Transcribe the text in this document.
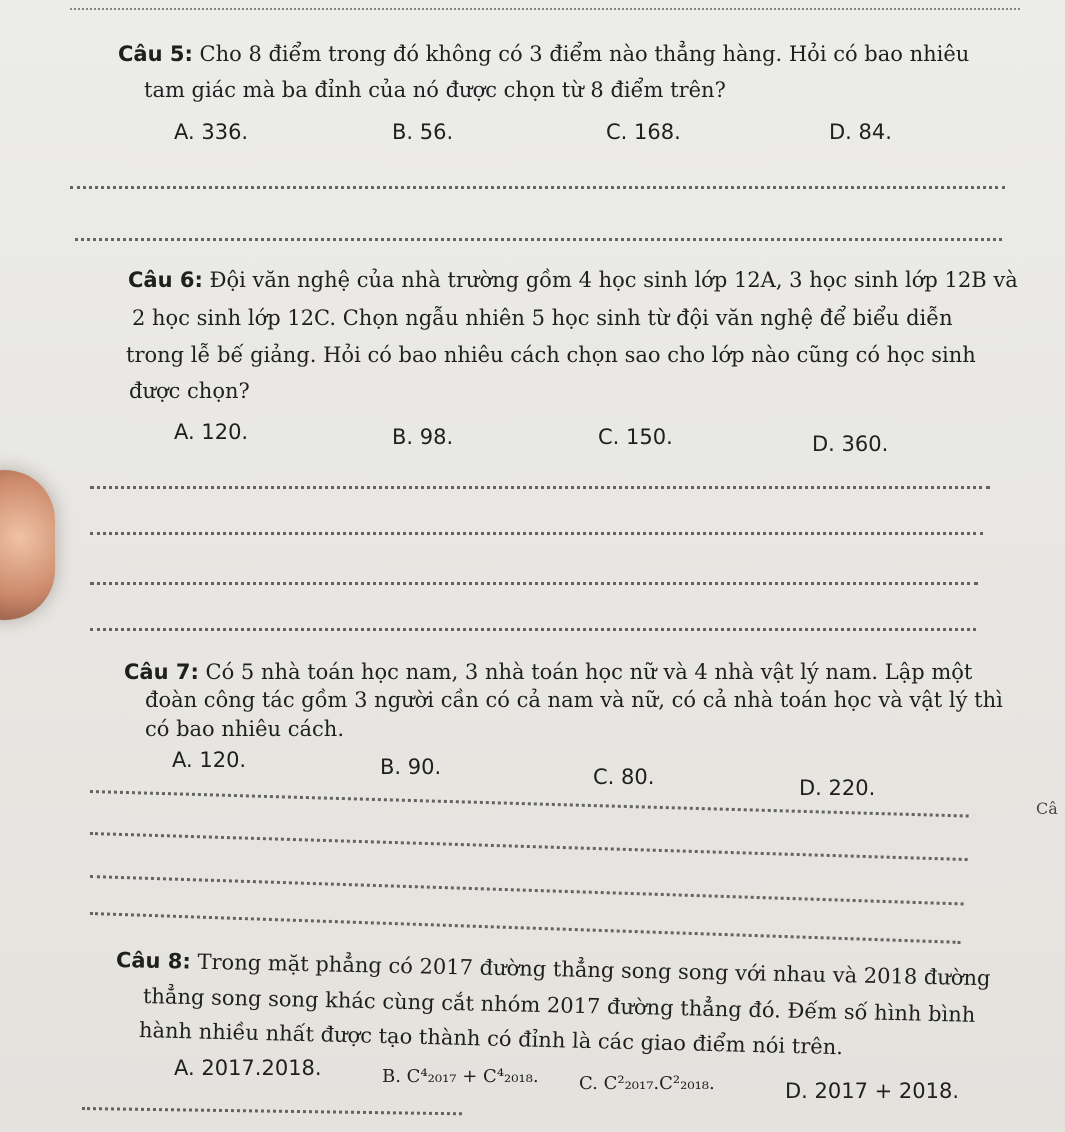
Câu 5: Cho 8 điểm trong đó không có 3 điểm nào thẳng hàng. Hỏi có bao nhiêu
tam giác mà ba đỉnh của nó được chọn từ 8 điểm trên?
A. 336.	B. 56.	C. 168.	D. 84.
Câu 6: Đội văn nghệ của nhà trường gồm 4 học sinh lớp 12A, 3 học sinh lớp 12B và
2 học sinh lớp 12C. Chọn ngẫu nhiên 5 học sinh từ đội văn nghệ để biểu diễn
trong lễ bế giảng. Hỏi có bao nhiêu cách chọn sao cho lớp nào cũng có học sinh
được chọn?
A. 120.	B. 98.	C. 150.	D. 360.
Câu 7: Có 5 nhà toán học nam, 3 nhà toán học nữ và 4 nhà vật lý nam. Lập một
đoàn công tác gồm 3 người cần có cả nam và nữ, có cả nhà toán học và vật lý thì
có bao nhiêu cách.
A. 120.	B. 90.	C. 80.	D. 220.
Câu 8: Trong mặt phẳng có 2017 đường thẳng song song với nhau và 2018 đường
thẳng song song khác cùng cắt nhóm 2017 đường thẳng đó. Đếm số hình bình
hành nhiều nhất được tạo thành có đỉnh là các giao điểm nói trên.
A. 2017.2018.	B. C⁴₂₀₁₇ + C⁴₂₀₁₈. C. C²₂₀₁₇.C²₂₀₁₈.	D. 2017 + 2018.
Câ
